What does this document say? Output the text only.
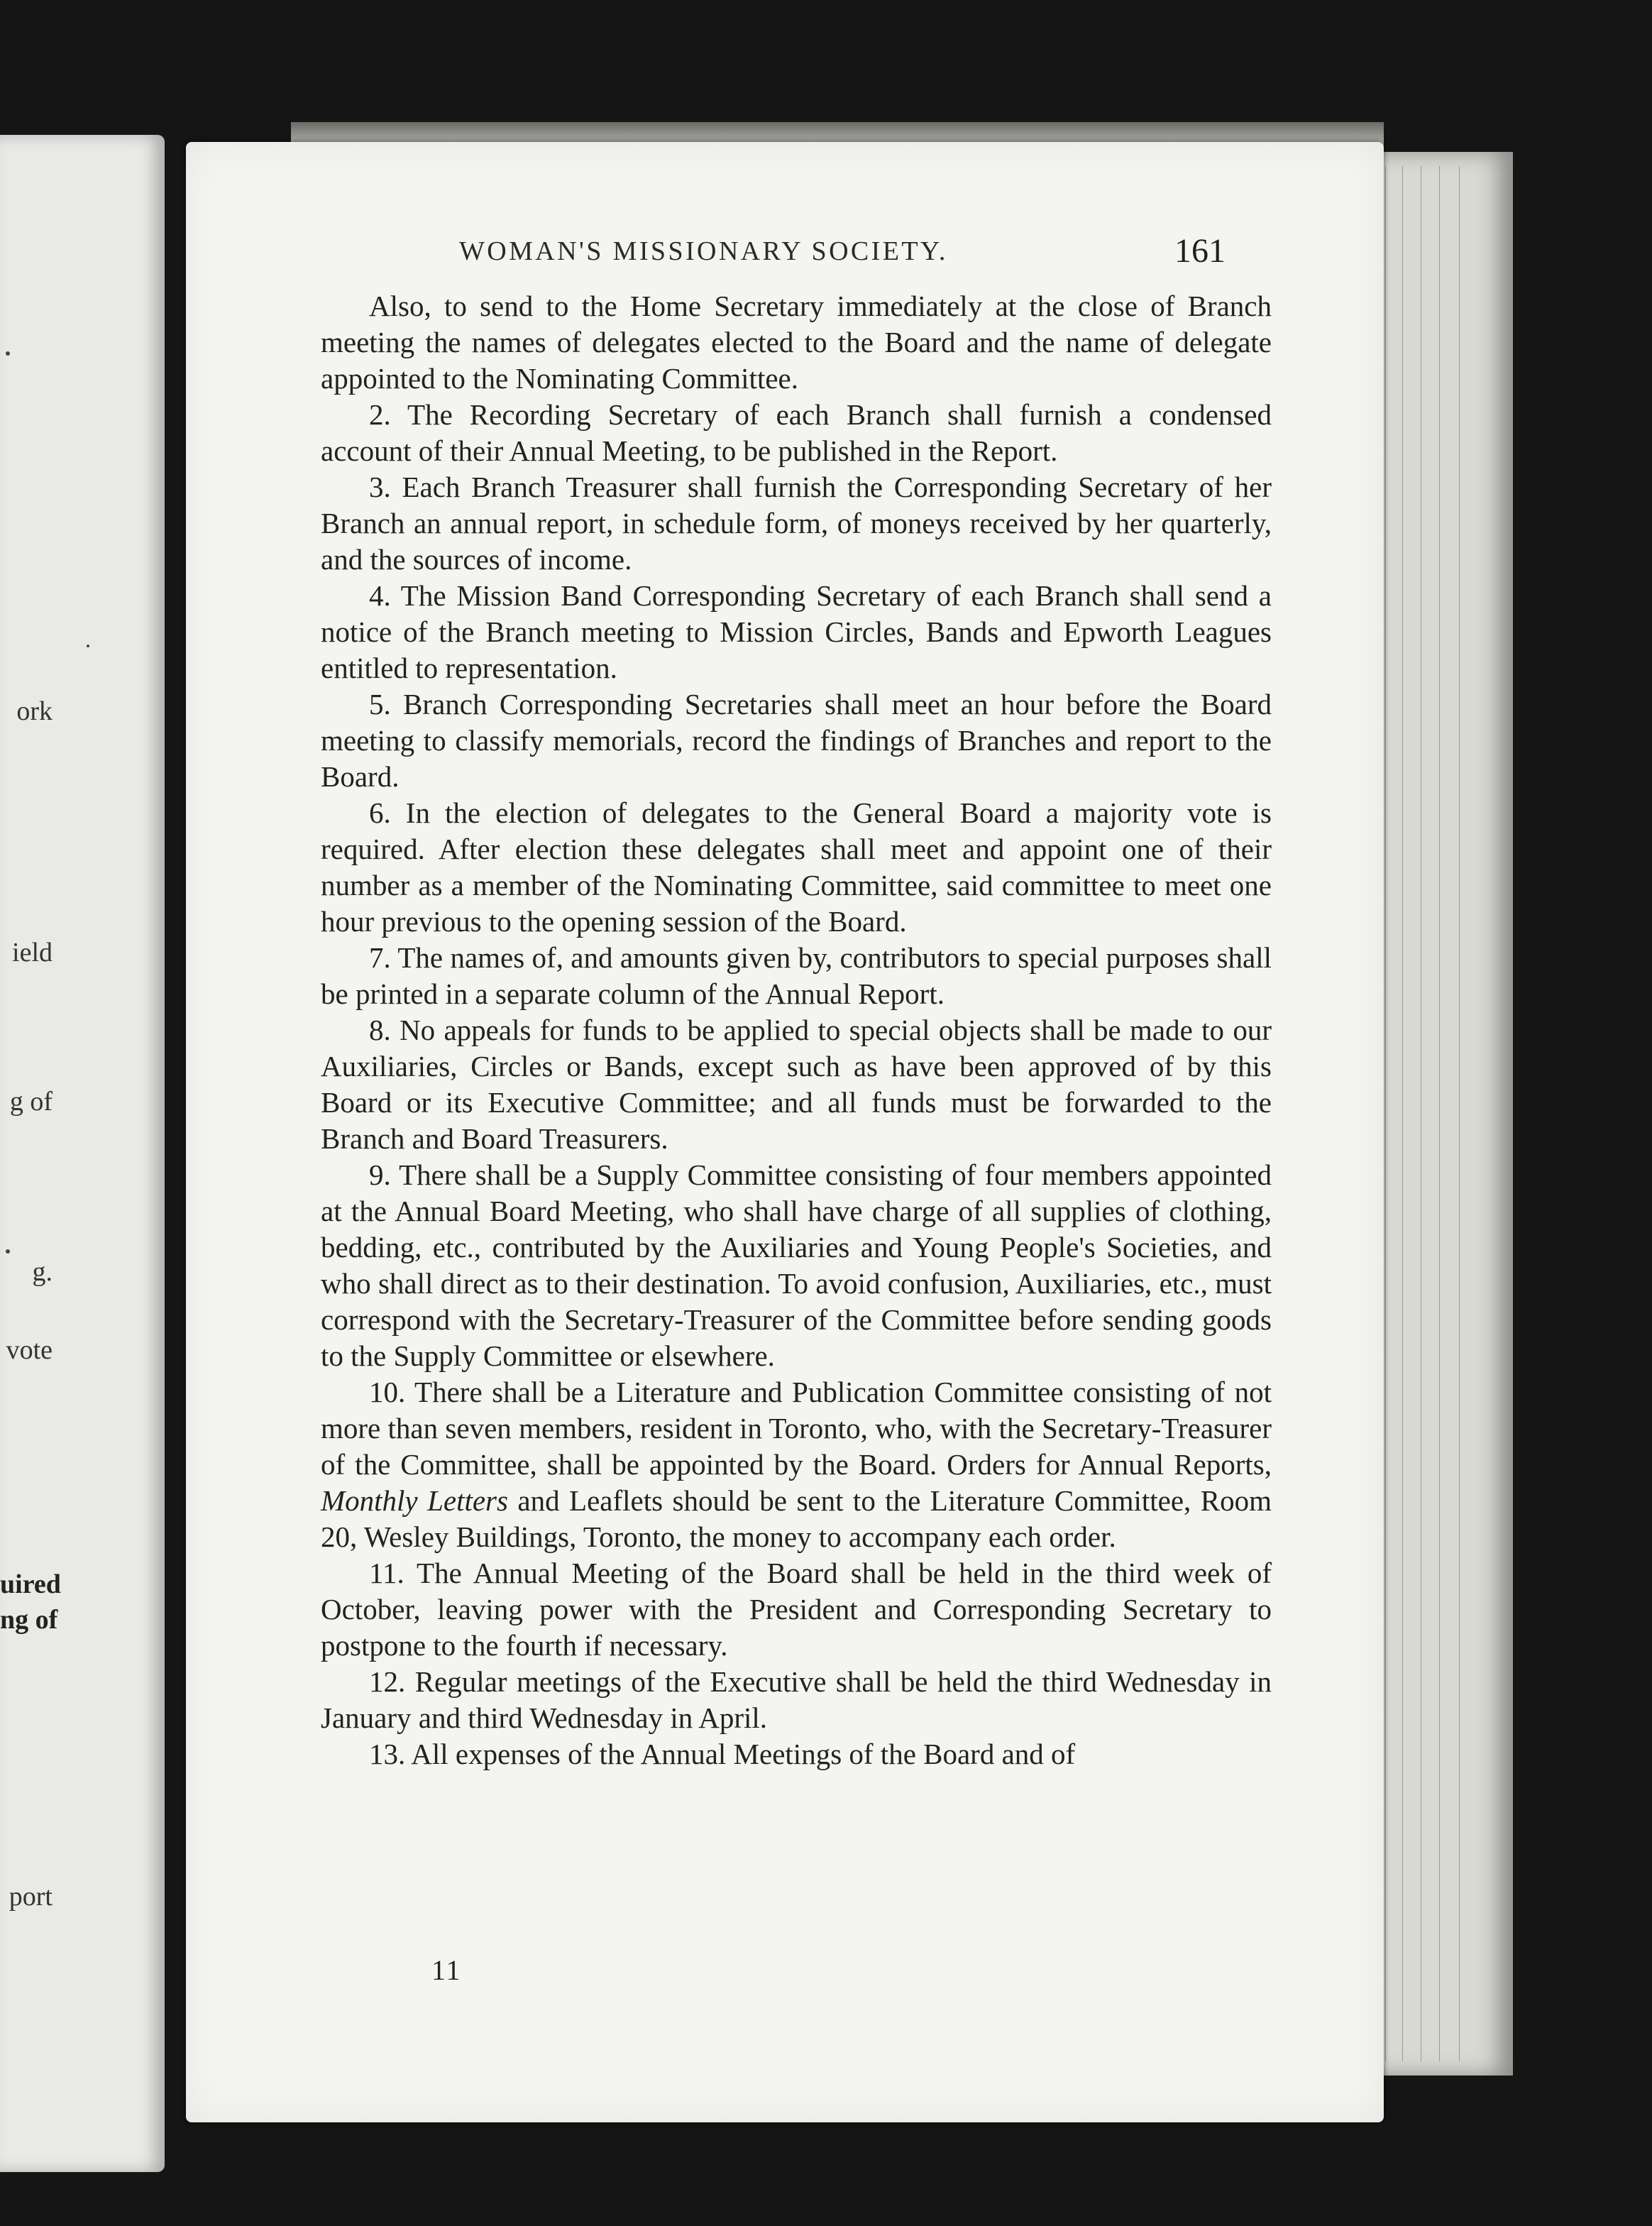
ork
ield
g of
g.
vote
uired
ng of
port
WOMAN'S MISSIONARY SOCIETY.	161

Also, to send to the Home Secretary immediately at the close of Branch meeting the names of delegates elected to the Board and the name of delegate appointed to the Nominating Committee.

2. The Recording Secretary of each Branch shall furnish a condensed account of their Annual Meeting, to be published in the Report.

3. Each Branch Treasurer shall furnish the Corresponding Secretary of her Branch an annual report, in schedule form, of moneys received by her quarterly, and the sources of income.

4. The Mission Band Corresponding Secretary of each Branch shall send a notice of the Branch meeting to Mission Circles, Bands and Epworth Leagues entitled to representation.

5. Branch Corresponding Secretaries shall meet an hour before the Board meeting to classify memorials, record the findings of Branches and report to the Board.

6. In the election of delegates to the General Board a majority vote is required. After election these delegates shall meet and appoint one of their number as a member of the Nominating Committee, said committee to meet one hour previous to the opening session of the Board.

7. The names of, and amounts given by, contributors to special purposes shall be printed in a separate column of the Annual Report.

8. No appeals for funds to be applied to special objects shall be made to our Auxiliaries, Circles or Bands, except such as have been approved of by this Board or its Executive Committee; and all funds must be forwarded to the Branch and Board Treasurers.

9. There shall be a Supply Committee consisting of four members appointed at the Annual Board Meeting, who shall have charge of all supplies of clothing, bedding, etc., contributed by the Auxiliaries and Young People's Societies, and who shall direct as to their destination. To avoid confusion, Auxiliaries, etc., must correspond with the Secretary-Treasurer of the Committee before sending goods to the Supply Committee or elsewhere.

10. There shall be a Literature and Publication Committee consisting of not more than seven members, resident in Toronto, who, with the Secretary-Treasurer of the Committee, shall be appointed by the Board. Orders for Annual Reports, Monthly Letters and Leaflets should be sent to the Literature Committee, Room 20, Wesley Buildings, Toronto, the money to accompany each order.

11. The Annual Meeting of the Board shall be held in the third week of October, leaving power with the President and Corresponding Secretary to postpone to the fourth if necessary.

12. Regular meetings of the Executive shall be held the third Wednesday in January and third Wednesday in April.

13. All expenses of the Annual Meetings of the Board and of

11
